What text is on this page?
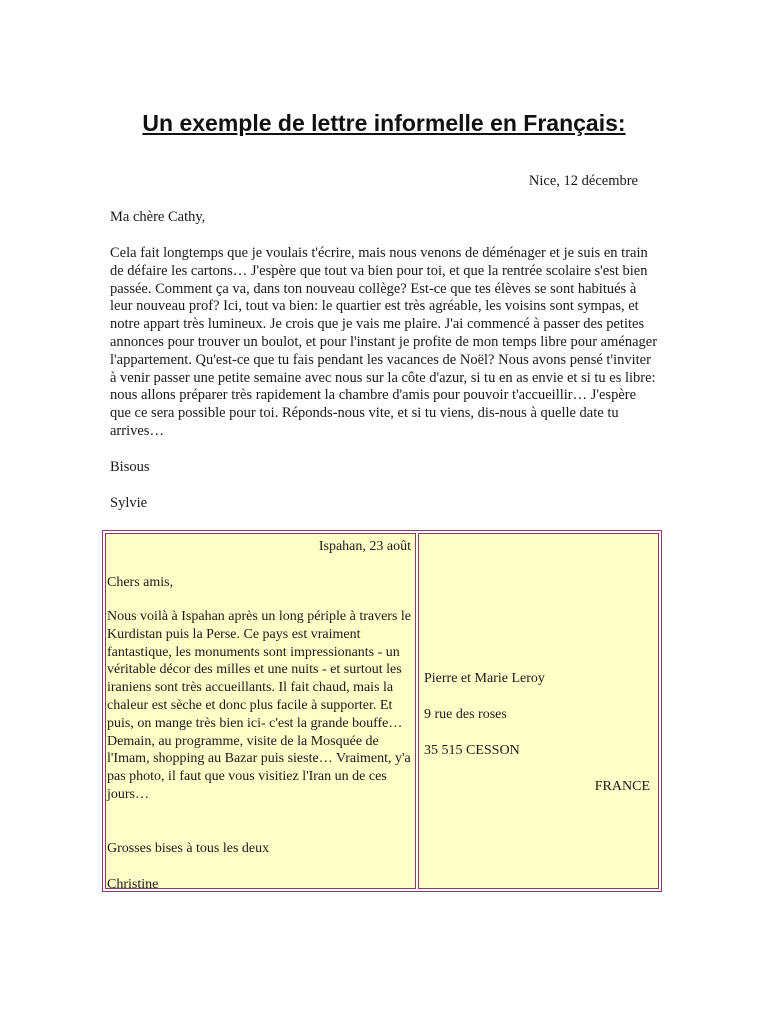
Un exemple de lettre informelle en Français:
Nice, 12 décembre
Ma chère Cathy,
Cela fait longtemps que je voulais t'écrire, mais nous venons de déménager et je suis en train de défaire les cartons… J'espère que tout va bien pour toi, et que la rentrée scolaire s'est bien passée. Comment ça va, dans ton nouveau collège? Est-ce que tes élèves se sont habitués à leur nouveau prof? Ici, tout va bien: le quartier est très agréable, les voisins sont sympas, et notre appart très lumineux. Je crois que je vais me plaire. J'ai commencé à passer des petites annonces pour trouver un boulot, et pour l'instant je profite de mon temps libre pour aménager l'appartement. Qu'est-ce que tu fais pendant les vacances de Noël? Nous avons pensé t'inviter à venir passer une petite semaine avec nous sur la côte d'azur, si tu en as envie et si tu es libre: nous allons préparer très rapidement la chambre d'amis pour pouvoir t'accueillir… J'espère que ce sera possible pour toi. Réponds-nous vite, et si tu viens, dis-nous à quelle date tu arrives…
Bisous
Sylvie
Ispahan, 23 août
Chers amis,
Nous voilà à Ispahan après un long périple à travers le Kurdistan puis la Perse. Ce pays est vraiment fantastique, les monuments sont impressionants - un véritable décor des milles et une nuits - et surtout les iraniens sont très accueillants. Il fait chaud, mais la chaleur est sèche et donc plus facile à supporter. Et puis, on mange très bien ici- c'est la grande bouffe… Demain, au programme, visite de la Mosquée de l'Imam, shopping au Bazar puis sieste… Vraiment, y'a pas photo, il faut que vous visitiez l'Iran un de ces jours…
Grosses bises à tous les deux
Christine
Pierre et Marie Leroy
9 rue des roses
35 515 CESSON
FRANCE
